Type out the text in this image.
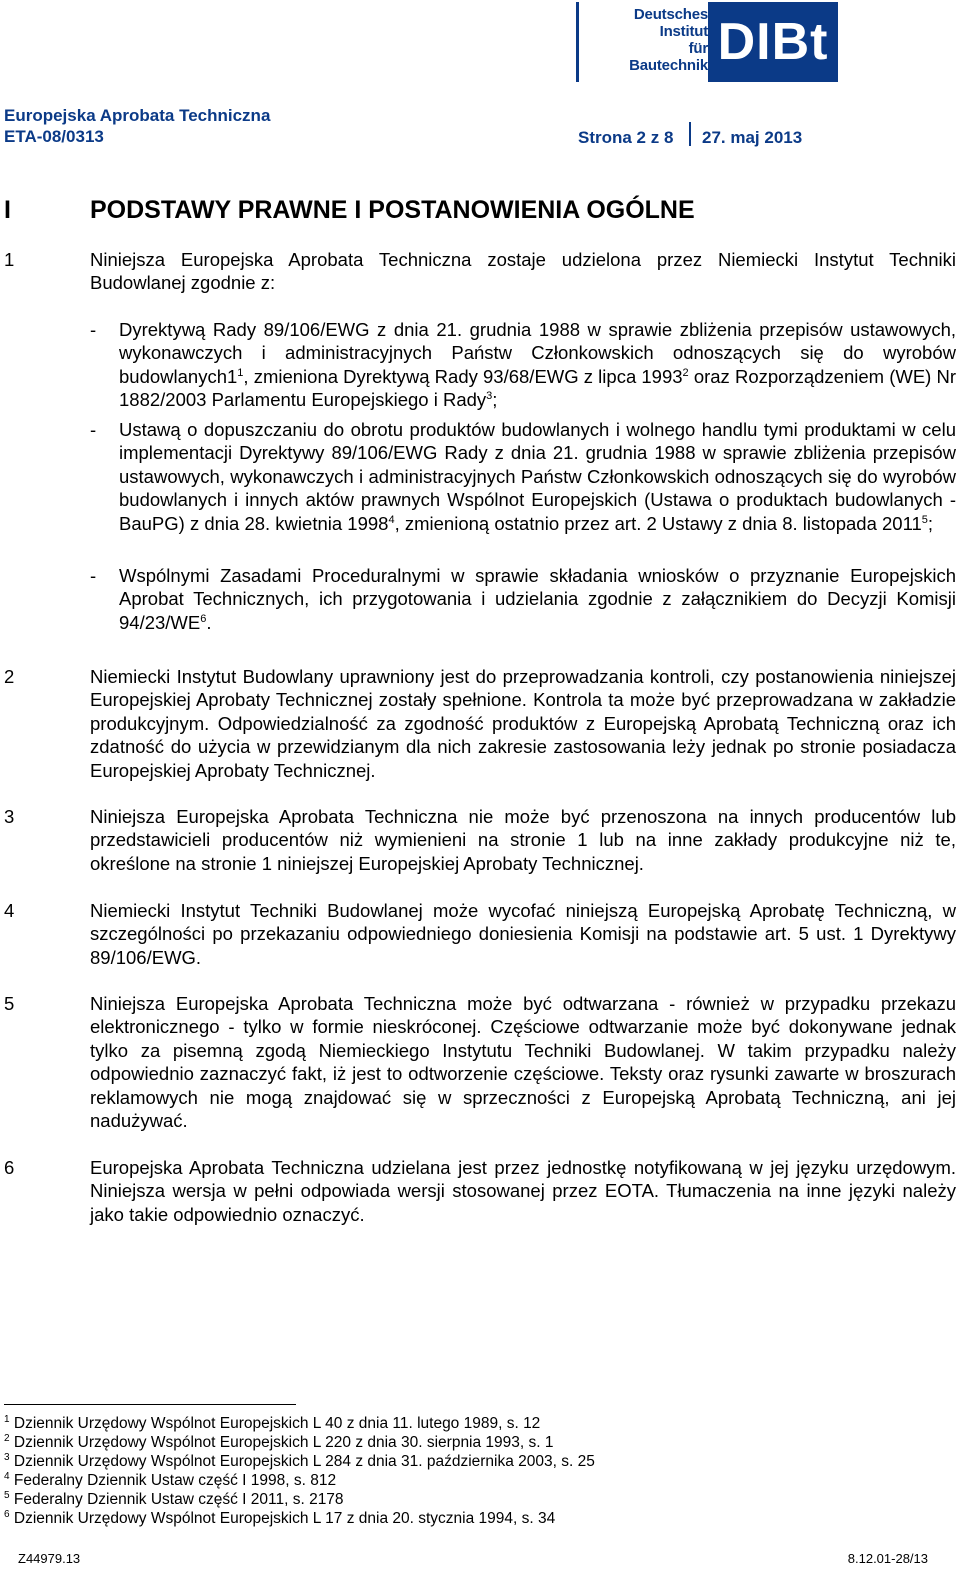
Deutsches
Institut
für
Bautechnik DIBt
Europejska Aprobata Techniczna
ETA-08/0313	Strona 2 z 8 27. maj 2013
I	PODSTAWY PRAWNE I POSTANOWIENIA OGÓLNE
1	Niniejsza Europejska Aprobata Techniczna zostaje udzielona przez Niemiecki Instytut Techniki Budowlanej zgodnie z:
- Dyrektywą Rady 89/106/EWG z dnia 21. grudnia 1988 w sprawie zbliżenia przepisów ustawowych, wykonawczych i administracyjnych Państw Członkowskich odnoszących się do wyrobów $budowlanych1^1$, zmieniona Dyrektywą Rady 93/68/EWG z lipca 1993$^2$ oraz Rozporządzeniem (WE) Nr 1882/2003 Parlamentu Europejskiego i Rady$^3$;
- Ustawą o dopuszczaniu do obrotu produktów budowlanych i wolnego handlu tymi produktami w celu implementacji Dyrektywy 89/106/EWG Rady z dnia 21. grudnia 1988 w sprawie zbliżenia przepisów ustawowych, wykonawczych i administracyjnych Państw Członkowskich odnoszących się do wyrobów budowlanych i innych aktów prawnych Wspólnot Europejskich (Ustawa o produktach budowlanych - BauPG) z dnia 28. kwietnia 1998$^4$, zmienioną ostatnio przez art. 2 Ustawy z dnia 8. listopada 2011$^5$;
- Wspólnymi Zasadami Proceduralnymi w sprawie składania wniosków o przyznanie Europejskich Aprobat Technicznych, ich przygotowania i udzielania zgodnie z załącznikiem do Decyzji Komisji $94/23/WE^6$.
2	Niemiecki Instytut Budowlany uprawniony jest do przeprowadzania kontroli, czy postanowienia niniejszej Europejskiej Aprobaty Technicznej zostały spełnione. Kontrola ta może być przeprowadzana w zakładzie produkcyjnym. Odpowiedzialność za zgodność produktów z Europejską Aprobatą Techniczną oraz ich zdatność do użycia w przewidzianym dla nich zakresie zastosowania leży jednak po stronie posiadacza Europejskiej Aprobaty Technicznej.
3	Niniejsza Europejska Aprobata Techniczna nie może być przenoszona na innych producentów lub przedstawicieli producentów niż wymienieni na stronie 1 lub na inne zakłady produkcyjne niż te, określone na stronie 1 niniejszej Europejskiej Aprobaty Technicznej.
4	Niemiecki Instytut Techniki Budowlanej może wycofać niniejszą Europejską Aprobatę Techniczną, w szczególności po przekazaniu odpowiedniego doniesienia Komisji na podstawie art. 5 ust. 1 Dyrektywy 89/106/EWG.
5	Niniejsza Europejska Aprobata Techniczna może być odtwarzana - również w przypadku przekazu elektronicznego - tylko w formie nieskróconej. Częściowe odtwarzanie może być dokonywane jednak tylko za pisemną zgodą Niemieckiego Instytutu Techniki Budowlanej. W takim przypadku należy odpowiednio zaznaczyć fakt, iż jest to odtworzenie częściowe. Teksty oraz rysunki zawarte w broszurach reklamowych nie mogą znajdować się w sprzeczności z Europejską Aprobatą Techniczną, ani jej nadużywać.
6	Europejska Aprobata Techniczna udzielana jest przez jednostkę notyfikowaną w jej języku urzędowym. Niniejsza wersja w pełni odpowiada wersji stosowanej przez EOTA. Tłumaczenia na inne języki należy jako takie odpowiednio oznaczyć.
$^1$ Dziennik Urzędowy Wspólnot Europejskich L 40 z dnia 11. lutego 1989, s. 12
$^2$ Dziennik Urzędowy Wspólnot Europejskich L 220 z dnia 30. sierpnia 1993, s. 1
$^3$ Dziennik Urzędowy Wspólnot Europejskich L 284 z dnia 31. października 2003, s. 25
$^4$ Federalny Dziennik Ustaw część I 1998, s. 812
$^5$ Federalny Dziennik Ustaw część I 2011, s. 2178
$^6$ Dziennik Urzędowy Wspólnot Europejskich L 17 z dnia 20. stycznia 1994, s. 34
Z44979.13	8.12.01-28/13
